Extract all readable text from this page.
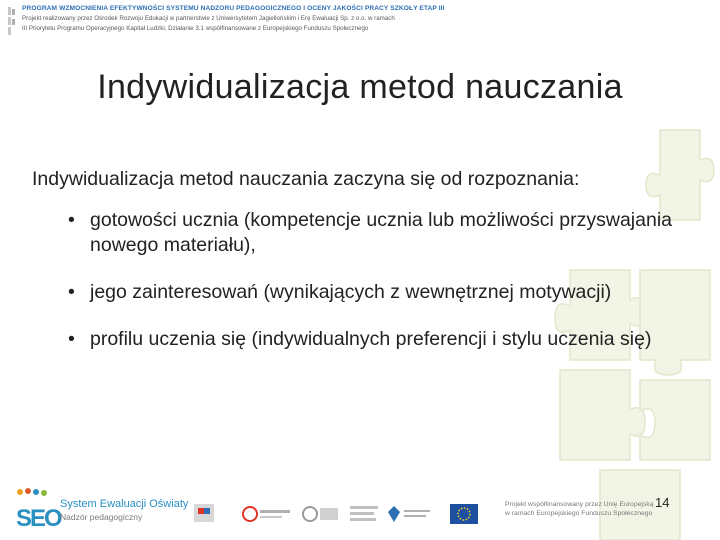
PROGRAM WZMOCNIENIA EFEKTYWNOŚCI SYSTEMU NADZORU PEDAGOGICZNEGO I OCENY JAKOŚCI PRACY SZKOŁY ETAP III
Projekt realizowany przez Ośrodek Rozwoju Edukacji w partnerstwie z Uniwersytetem Jagiellońskim i Erę Ewaluacji Sp. z o.o. w ramach
III Priorytetu Programu Operacyjnego Kapitał Ludzki, Działanie 3.1 współfinansowane z Europejskiego Funduszu Społecznego
Indywidualizacja metod nauczania
Indywidualizacja metod nauczania zaczyna się od rozpoznania:
• gotowości ucznia (kompetencje ucznia lub możliwości przyswajania nowego materiału),
• jego zainteresowań (wynikających z wewnętrznej motywacji)
• profilu uczenia się (indywidualnych preferencji i stylu uczenia się)
SEO
System Ewaluacji Oświaty
Nadzór pedagogiczny
Projekt współfinansowany przez Unię Europejską w ramach Europejskiego Funduszu Społecznego
14
